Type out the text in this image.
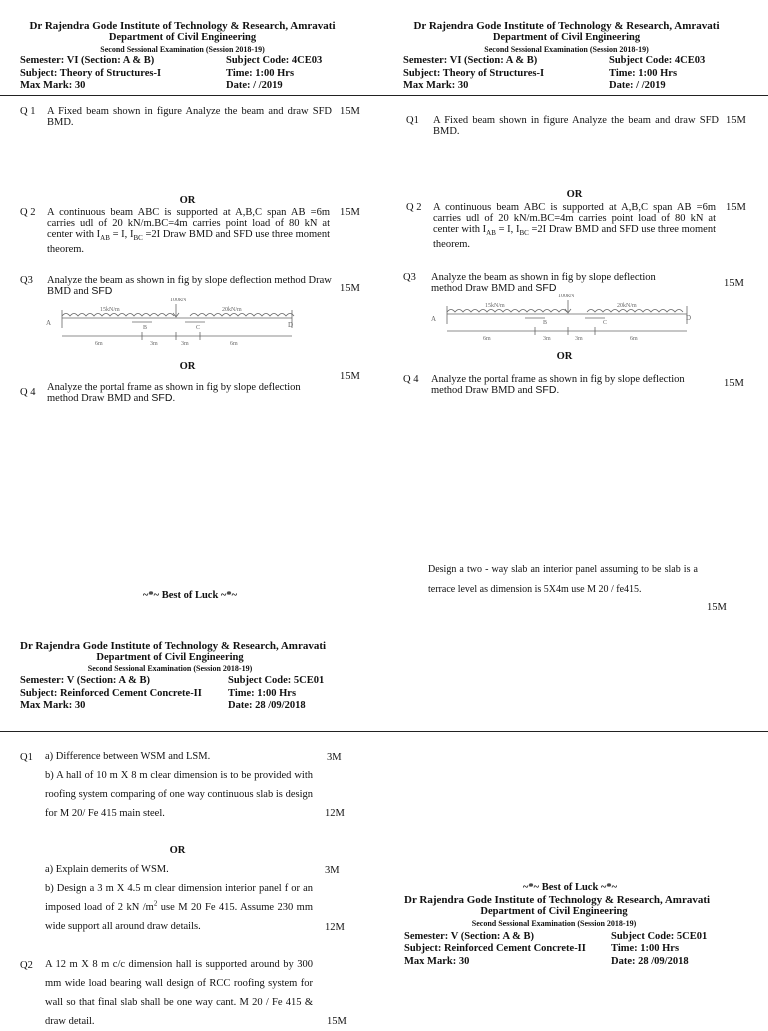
Dr Rajendra Gode Institute of Technology & Research, Amravati
Department of Civil Engineering
Second Sessional Examination (Session 2018-19)
Semester: VI (Section: A & B)	Subject Code: 4CE03
Subject: Theory of Structures-I	Time: 1:00 Hrs
Max Mark: 30	Date: / /2019
Q 1 A Fixed beam shown in figure Analyze the beam and draw SFD BMD.
15M
OR
Q 2 A continuous beam ABC is supported at A,B,C span AB =6m carries udl of 20 kN/m.BC=4m carries point load of 80 kN at center with $I_{AB} = I$, $I_{BC} =2I$ Draw BMD and SFD use three moment theorem.
15M
Q3 Analyze the beam as shown in fig by slope deflection method Draw BMD and SFD	15M
15kN/m
100kN
20kN/m
A
B	C	D
6m	3m	3m	6m
OR
15M
Q 4 Analyze the portal frame as shown in fig by slope deflection method Draw BMD and SFD.
~*~ Best of Luck ~*~
Dr Rajendra Gode Institute of Technology & Research, Amravati
Department of Civil Engineering
Second Sessional Examination (Session 2018-19)
Semester: VI (Section: A & B)	Subject Code: 4CE03
Subject: Theory of Structures-I	Time: 1:00 Hrs
Max Mark: 30	Date: / /2019
Q1 A Fixed beam shown in figure Analyze the beam and draw SFD BMD.
15M
OR
Q 2 A continuous beam ABC is supported at A,B,C span AB =6m carries udl of 20 kN/m.BC=4m carries point load of 80 kN at center with $I_{AB} = I$, $I_{BC} =2I$ Draw BMD and SFD use three moment theorem.
15M
Q3 Analyze the beam as shown in fig by slope deflection method Draw BMD and SFD	15M
15kN/m
100kN
20kN/m
A	B	C
D
6m	3m	3m	6m
OR
Q 4 Analyze the portal frame as shown in fig by slope deflection method Draw BMD and SFD.
15M
Design a two - way slab an interior panel assuming to be slab is a terrace level as dimension is 5X4m use M 20 / fe415.
15M
Dr Rajendra Gode Institute of Technology & Research, Amravati
Department of Civil Engineering
Second Sessional Examination (Session 2018-19)
Semester: V (Section: A & B)	Subject Code: 5CE01
Subject: Reinforced Cement Concrete-II Time: 1:00 Hrs
Max Mark: 30	Date: 28 /09/2018
Q1 a) Difference between WSM and LSM.	3M
b) A hall of 10 m X 8 m clear dimension is to be provided with roofing system comparing of one way continuous slab is design for M 20/ Fe 415 main steel.	12M
OR
a) Explain demerits of WSM.	3M
b) Design a 3 m X 4.5 m clear dimension interior panel f or an imposed load of 2 kN $/m^2$ use M 20 Fe 415. Assume 230 mm wide support all around draw details.	12M
Q2 A 12 m X 8 m c/c dimension hall is supported around by 300 mm wide load bearing wall design of RCC roofing system for wall so that final slab shall be one way cant. M 20 / Fe 415 & draw detail.	15M
~*~ Best of Luck ~*~
Dr Rajendra Gode Institute of Technology & Research, Amravati
Department of Civil Engineering
Second Sessional Examination (Session 2018-19)
Semester: V (Section: A & B)	Subject Code: 5CE01
Subject: Reinforced Cement Concrete-II Time: 1:00 Hrs
Max Mark: 30	Date: 28 /09/2018
